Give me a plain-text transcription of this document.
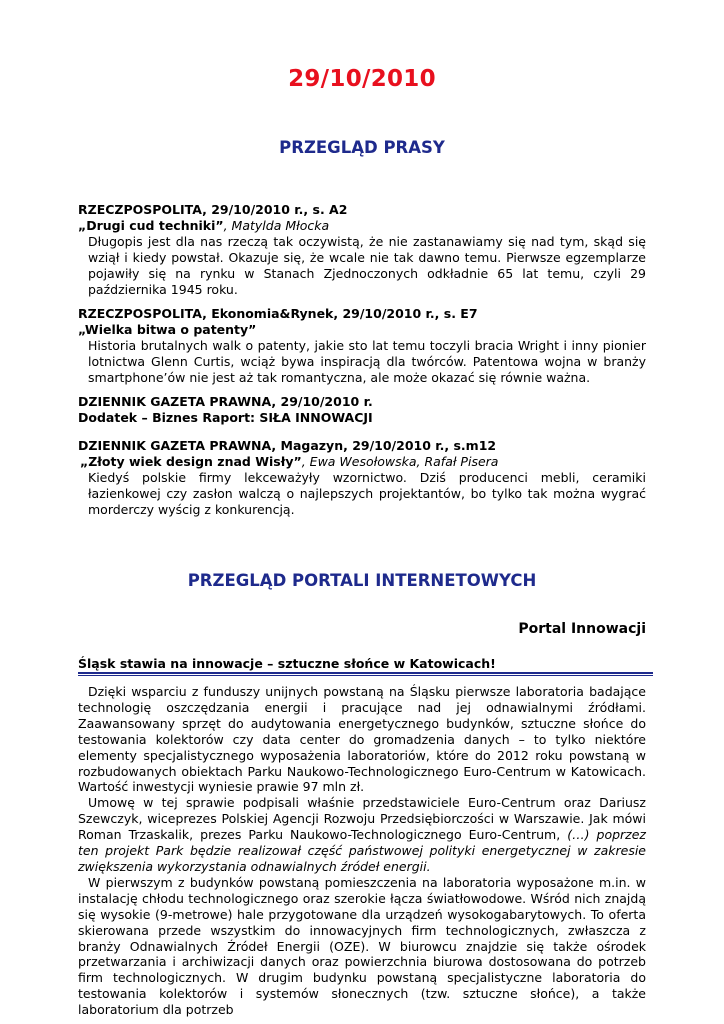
29/10/2010
PRZEGLĄD PRASY
RZECZPOSPOLITA, 29/10/2010 r., s. A2
„Drugi cud techniki”, Matylda Młocka
Długopis jest dla nas rzeczą tak oczywistą, że nie zastanawiamy się nad tym, skąd się wziął i kiedy powstał. Okazuje się, że wcale nie tak dawno temu. Pierwsze egzemplarze pojawiły się na rynku w Stanach Zjednoczonych odkładnie 65 lat temu, czyli 29 października 1945 roku.
RZECZPOSPOLITA, Ekonomia&Rynek, 29/10/2010 r., s. E7
„Wielka bitwa o patenty”
Historia brutalnych walk o patenty, jakie sto lat temu toczyli bracia Wright i inny pionier lotnictwa Glenn Curtis, wciąż bywa inspiracją dla twórców. Patentowa wojna w branży smartphone’ów nie jest aż tak romantyczna, ale może okazać się równie ważna.
DZIENNIK GAZETA PRAWNA, 29/10/2010 r.
Dodatek – Biznes Raport: SIŁA INNOWACJI
DZIENNIK GAZETA PRAWNA, Magazyn, 29/10/2010 r., s.m12
„Złoty wiek design znad Wisły”, Ewa Wesołowska, Rafał Pisera
Kiedyś polskie firmy lekceważyły wzornictwo. Dziś producenci mebli, ceramiki łazienkowej czy zasłon walczą o najlepszych projektantów, bo tylko tak można wygrać morderczy wyścig z konkurencją.
PRZEGLĄD PORTALI INTERNETOWYCH
Portal Innowacji
Śląsk stawia na innowacje – sztuczne słońce w Katowicach!

Dzięki wsparciu z funduszy unijnych powstaną na Śląsku pierwsze laboratoria badające technologię oszczędzania energii i pracujące nad jej odnawialnymi źródłami. Zaawansowany sprzęt do audytowania energetycznego budynków, sztuczne słońce do testowania kolektorów czy data center do gromadzenia danych – to tylko niektóre elementy specjalistycznego wyposażenia laboratoriów, które do 2012 roku powstaną w rozbudowanych obiektach Parku Naukowo-Technologicznego Euro-Centrum w Katowicach. Wartość inwestycji wyniesie prawie 97 mln zł.

Umowę w tej sprawie podpisali właśnie przedstawiciele Euro-Centrum oraz Dariusz Szewczyk, wiceprezes Polskiej Agencji Rozwoju Przedsiębiorczości w Warszawie. Jak mówi Roman Trzaskalik, prezes Parku Naukowo-Technologicznego Euro-Centrum, (…) poprzez ten projekt Park będzie realizował część państwowej polityki energetycznej w zakresie zwiększenia wykorzystania odnawialnych źródeł energii.

W pierwszym z budynków powstaną pomieszczenia na laboratoria wyposażone m.in. w instalację chłodu technologicznego oraz szerokie łącza światłowodowe. Wśród nich znajdą się wysokie (9-metrowe) hale przygotowane dla urządzeń wysokogabarytowych. To oferta skierowana przede wszystkim do innowacyjnych firm technologicznych, zwłaszcza z branży Odnawialnych Źródeł Energii (OZE). W biurowcu znajdzie się także ośrodek przetwarzania i archiwizacji danych oraz powierzchnia biurowa dostosowana do potrzeb firm technologicznych. W drugim budynku powstaną specjalistyczne laboratoria do testowania kolektorów i systemów słonecznych (tzw. sztuczne słońce), a także laboratorium dla potrzeb
